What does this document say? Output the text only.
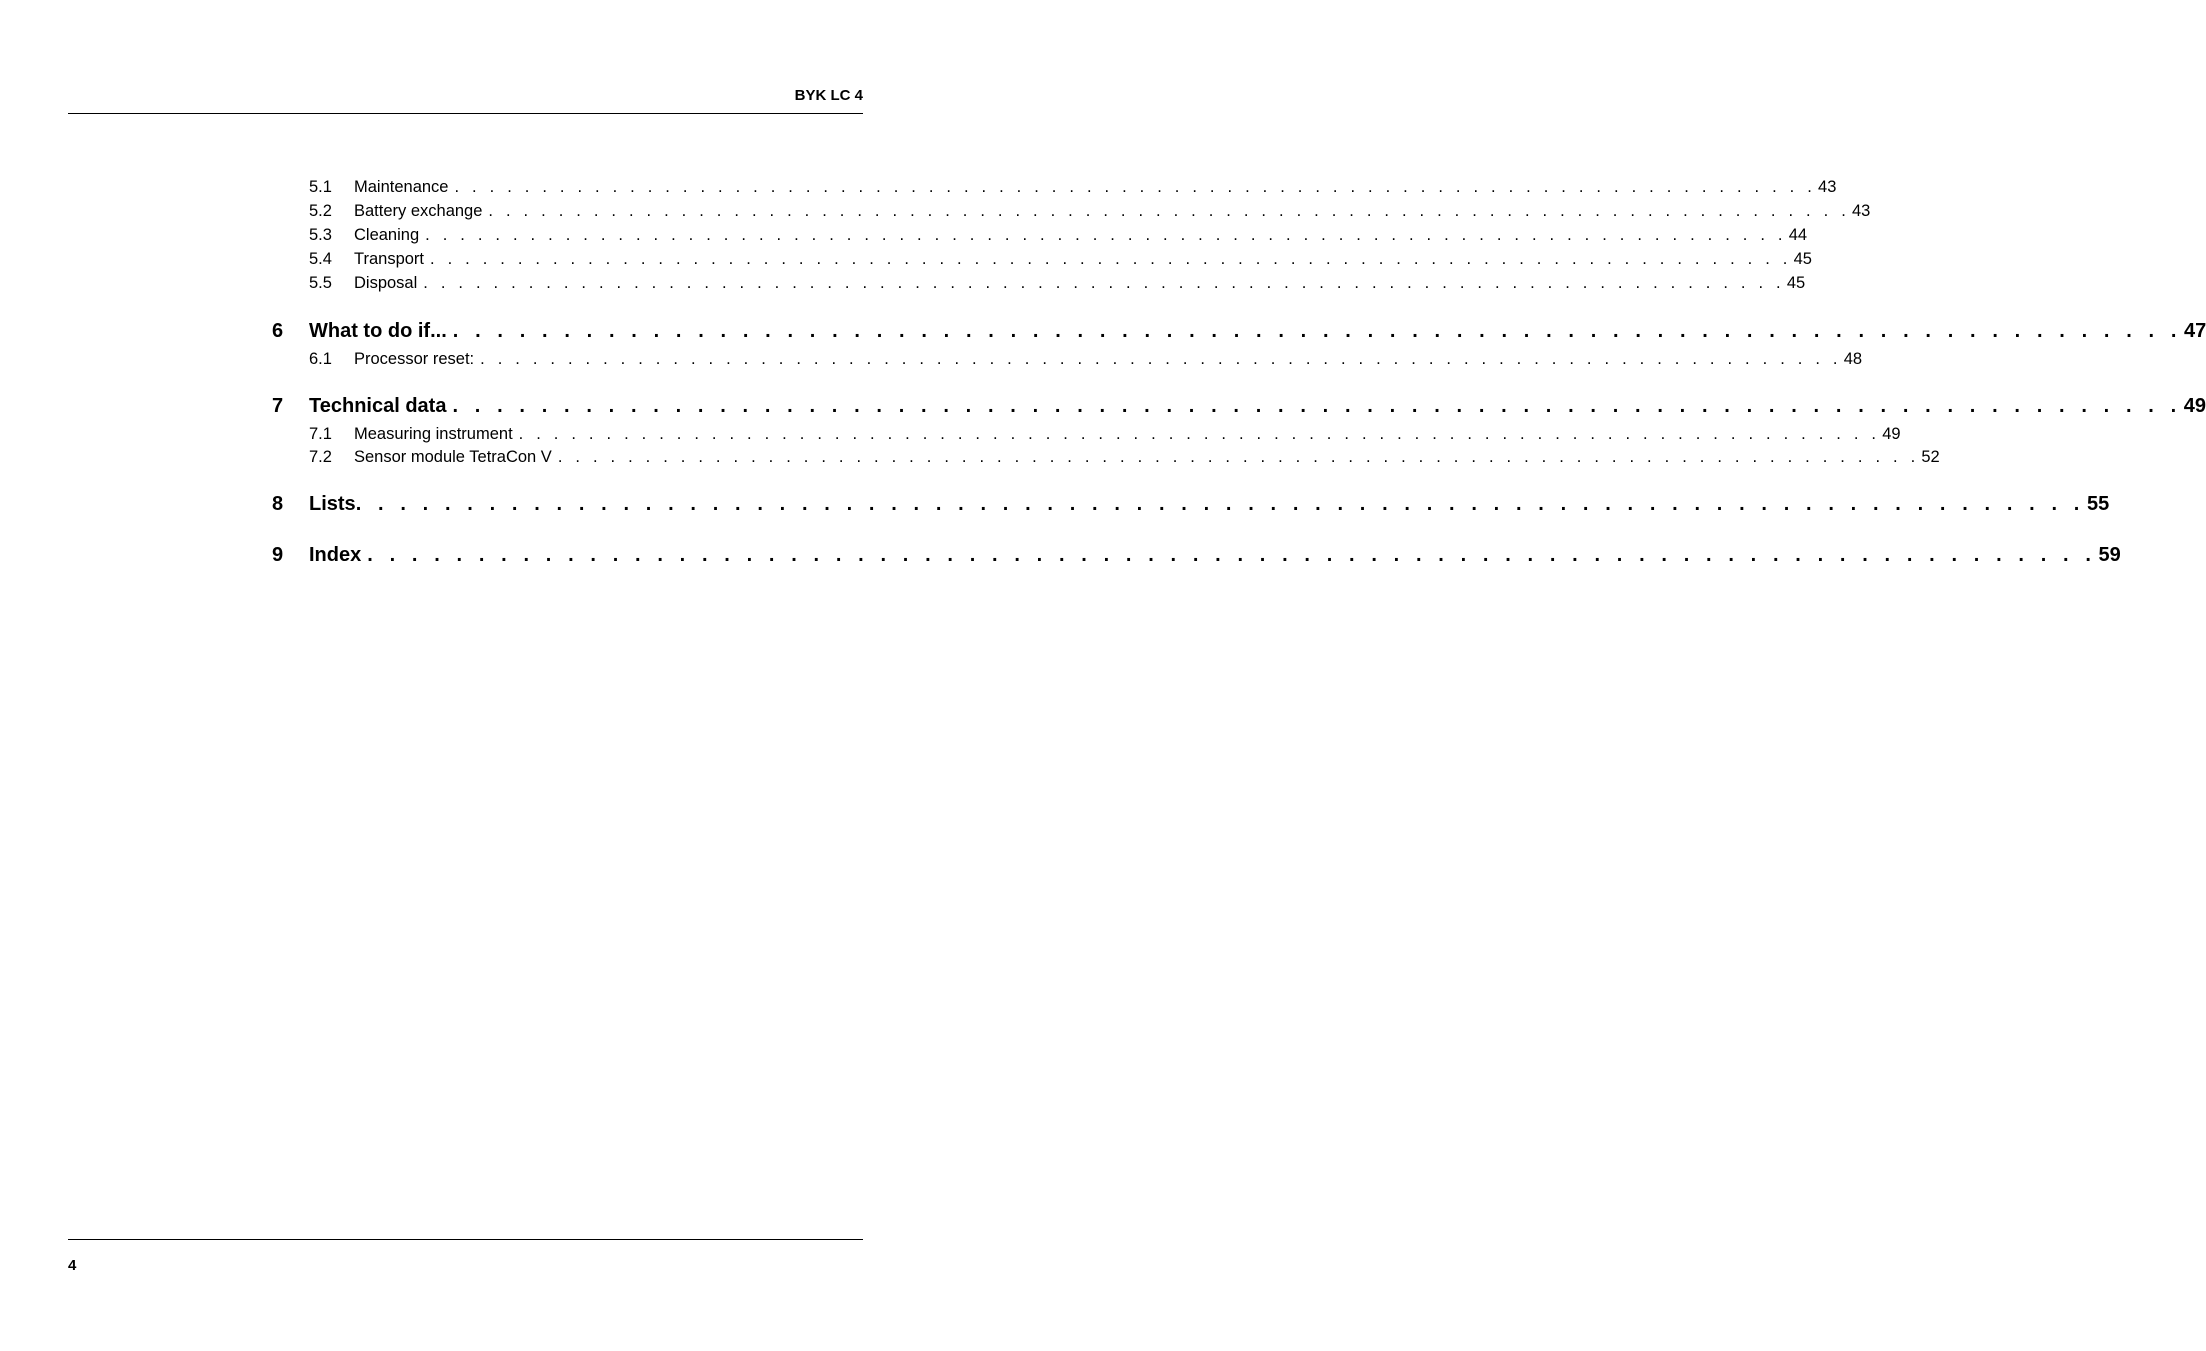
BYK LC 4
5.1	Maintenance . . . . . . . . . . . . . . . . . . . . . . . . . . . . . . . . . . . . . . . . . . . . . . . . . . . . . . . . . . . . . . . . . . . . . . . . . . . . . . 43
5.2	Battery exchange . . . . . . . . . . . . . . . . . . . . . . . . . . . . . . . . . . . . . . . . . . . . . . . . . . . . . . . . . . . . . . . . . . . . . . . . . . . . . . 43
5.3	Cleaning . . . . . . . . . . . . . . . . . . . . . . . . . . . . . . . . . . . . . . . . . . . . . . . . . . . . . . . . . . . . . . . . . . . . . . . . . . . . . . 44
5.4	Transport . . . . . . . . . . . . . . . . . . . . . . . . . . . . . . . . . . . . . . . . . . . . . . . . . . . . . . . . . . . . . . . . . . . . . . . . . . . . . . 45
5.5	Disposal . . . . . . . . . . . . . . . . . . . . . . . . . . . . . . . . . . . . . . . . . . . . . . . . . . . . . . . . . . . . . . . . . . . . . . . . . . . . . . 45
6	What to do if... . . . . . . . . . . . . . . . . . . . . . . . . . . . . . . . . . . . . . . . . . . . . . . . . . . . . . . . . . . . . . . . . . . . . . . . . . . . . . . 47
6.1	Processor reset: . . . . . . . . . . . . . . . . . . . . . . . . . . . . . . . . . . . . . . . . . . . . . . . . . . . . . . . . . . . . . . . . . . . . . . . . . . . . . . 48
7	Technical data . . . . . . . . . . . . . . . . . . . . . . . . . . . . . . . . . . . . . . . . . . . . . . . . . . . . . . . . . . . . . . . . . . . . . . . . . . . . . . 49
7.1	Measuring instrument . . . . . . . . . . . . . . . . . . . . . . . . . . . . . . . . . . . . . . . . . . . . . . . . . . . . . . . . . . . . . . . . . . . . . . . . . . . . . . 49
7.2	Sensor module TetraCon V . . . . . . . . . . . . . . . . . . . . . . . . . . . . . . . . . . . . . . . . . . . . . . . . . . . . . . . . . . . . . . . . . . . . . . . . . . . . . . 52
8	Lists . . . . . . . . . . . . . . . . . . . . . . . . . . . . . . . . . . . . . . . . . . . . . . . . . . . . . . . . . . . . . . . . . . . . . . . . . . . . . . 55
9	Index . . . . . . . . . . . . . . . . . . . . . . . . . . . . . . . . . . . . . . . . . . . . . . . . . . . . . . . . . . . . . . . . . . . . . . . . . . . . . . 59
4
